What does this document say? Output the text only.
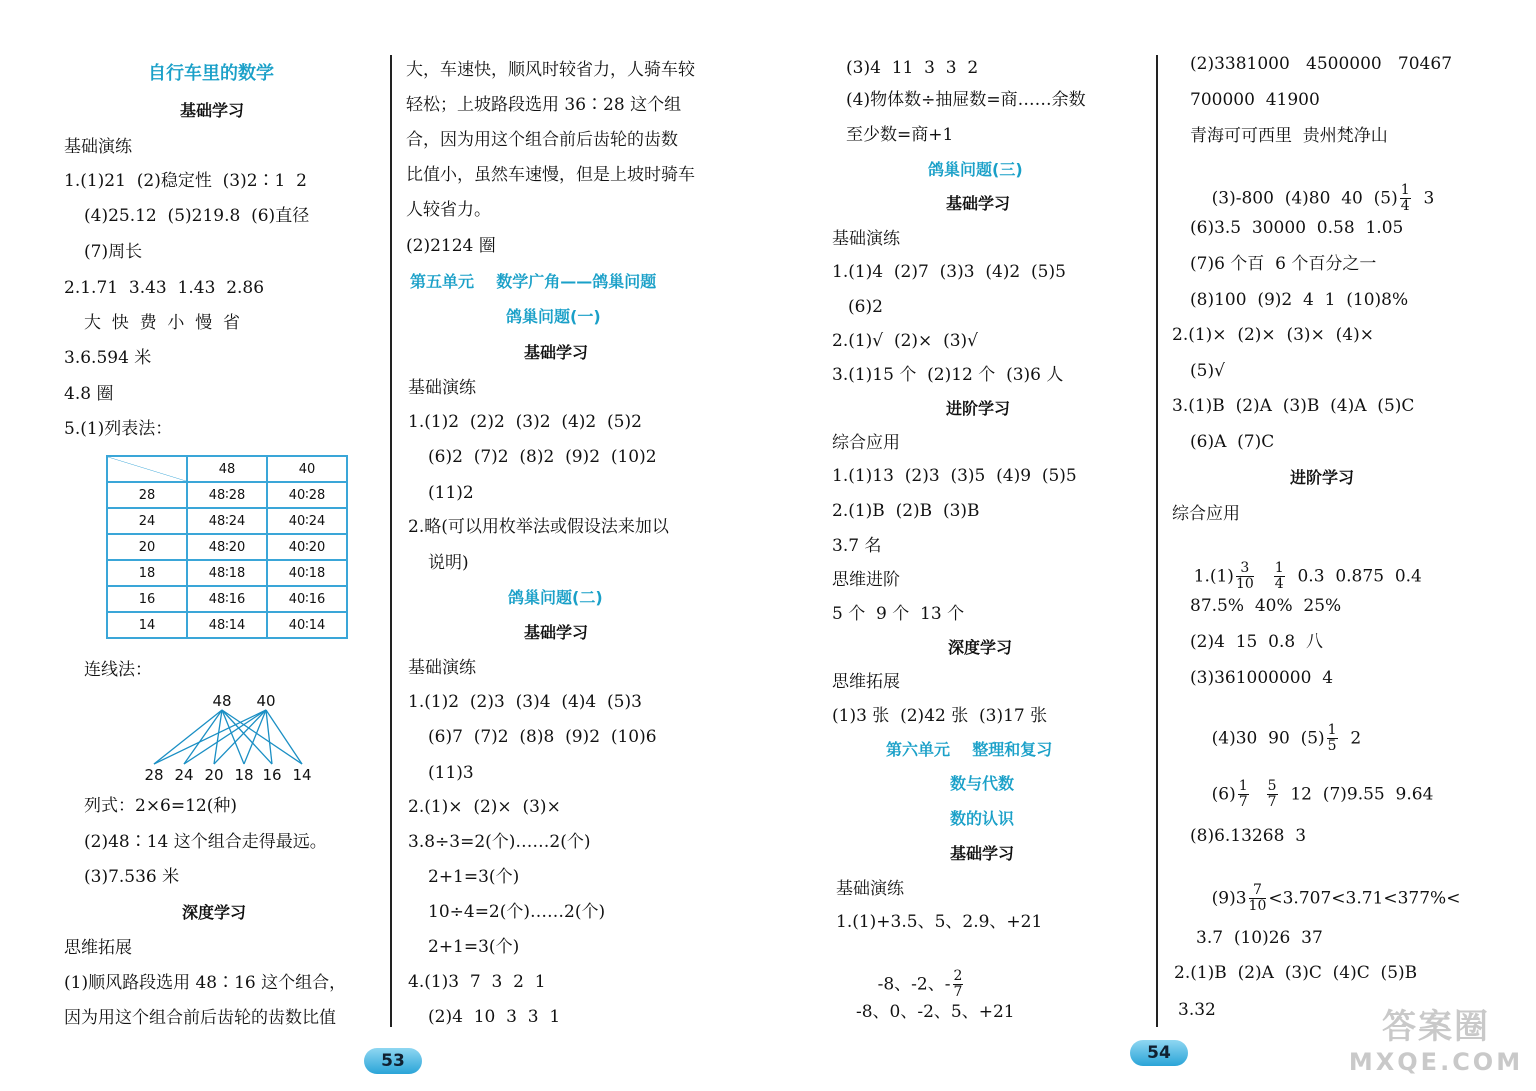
自行车里的数学
基础学习
基础演练
1.(1)21  (2)稳定性  (3)2∶1  2
(4)25.12  (5)219.8  (6)直径
(7)周长
2.1.71  3.43  1.43  2.86
大  快  费  小  慢  省
3.6.594 米
4.8 圈
5.(1)列表法：
	48	40
28	48∶28	40∶28
24	48∶24	40∶24
20	48∶20	40∶20
18	48∶18	40∶18
16	48∶16	40∶16
14	48∶14	40∶14
连线法：
48 40
28 24 20 18 16 14
列式：2×6=12(种)
(2)48∶14 这个组合走得最远。
(3)7.536 米
深度学习
思维拓展
(1)顺风路段选用 48∶16 这个组合，
因为用这个组合前后齿轮的齿数比值
大，车速快，顺风时较省力，人骑车较
轻松；上坡路段选用 36∶28 这个组
合，因为用这个组合前后齿轮的齿数
比值小，虽然车速慢，但是上坡时骑车
人较省力。
(2)2124 圈
第五单元    数学广角——鸽巢问题
鸽巢问题(一)
基础学习
基础演练
1.(1)2  (2)2  (3)2  (4)2  (5)2
(6)2  (7)2  (8)2  (9)2  (10)2
(11)2
2.略(可以用枚举法或假设法来加以
说明)
鸽巢问题(二)
基础学习
基础演练
1.(1)2  (2)3  (3)4  (4)4  (5)3
(6)7  (7)2  (8)8  (9)2  (10)6
(11)3
2.(1)×  (2)×  (3)×
3.8÷3=2(个)……2(个)
2+1=3(个)
10÷4=2(个)……2(个)
2+1=3(个)
4.(1)3  7  3  2  1
(2)4  10  3  3  1
53
(3)4  11  3  3  2
(4)物体数÷抽屉数=商……余数
至少数=商+1
鸽巢问题(三)
基础学习
基础演练
1.(1)4  (2)7  (3)3  (4)2  (5)5
(6)2
2.(1)√  (2)×  (3)√
3.(1)15 个  (2)12 个  (3)6 人
进阶学习
综合应用
1.(1)13  (2)3  (3)5  (4)9  (5)5
2.(1)B  (2)B  (3)B
3.7 名
思维进阶
5 个  9 个  13 个
深度学习
思维拓展
(1)3 张  (2)42 张  (3)17 张
第六单元    整理和复习
数与代数
数的认识
基础学习
基础演练
1.(1)+3.5、5、2.9、+21

-8、-2、- $\frac{2}{7}$

-8、0、-2、5、+21
(2)3381000   4500000   70467
700000  41900
青海可可西里  贵州梵净山

(3)-800  (4)80  40  $(5) \frac{1}{4} 3$

(6)3.5  30000  0.58  1.05
(7)6 个百  6 个百分之一
(8)100  (9)2  4  1  (10)8%
2.(1)×  (2)×  (3)×  (4)×
(5)√
3.(1)B  (2)A  (3)B  (4)A  (5)C
(6)A  (7)C
进阶学习
综合应用

$1.(1) \frac{3}{10} \frac{1}{4} 0.3$  0.875  0.4

87.5%  40%  25%
(2)4  15  0.8  八
(3)361000000  4

(4)30  90  $(5) \frac{1}{5} 2$

$(6) \frac{1}{7} \frac{5}{7} 12$  (7)9.55  9.64

(8)6.13268  3

$(9)3 \frac{7}{10} <3.707<3.71<377\%<$

3.7  (10)26  37
2.(1)B  (2)A  (3)C  (4)C  (5)B
3.32
54
答案圈
MXQE.COM
